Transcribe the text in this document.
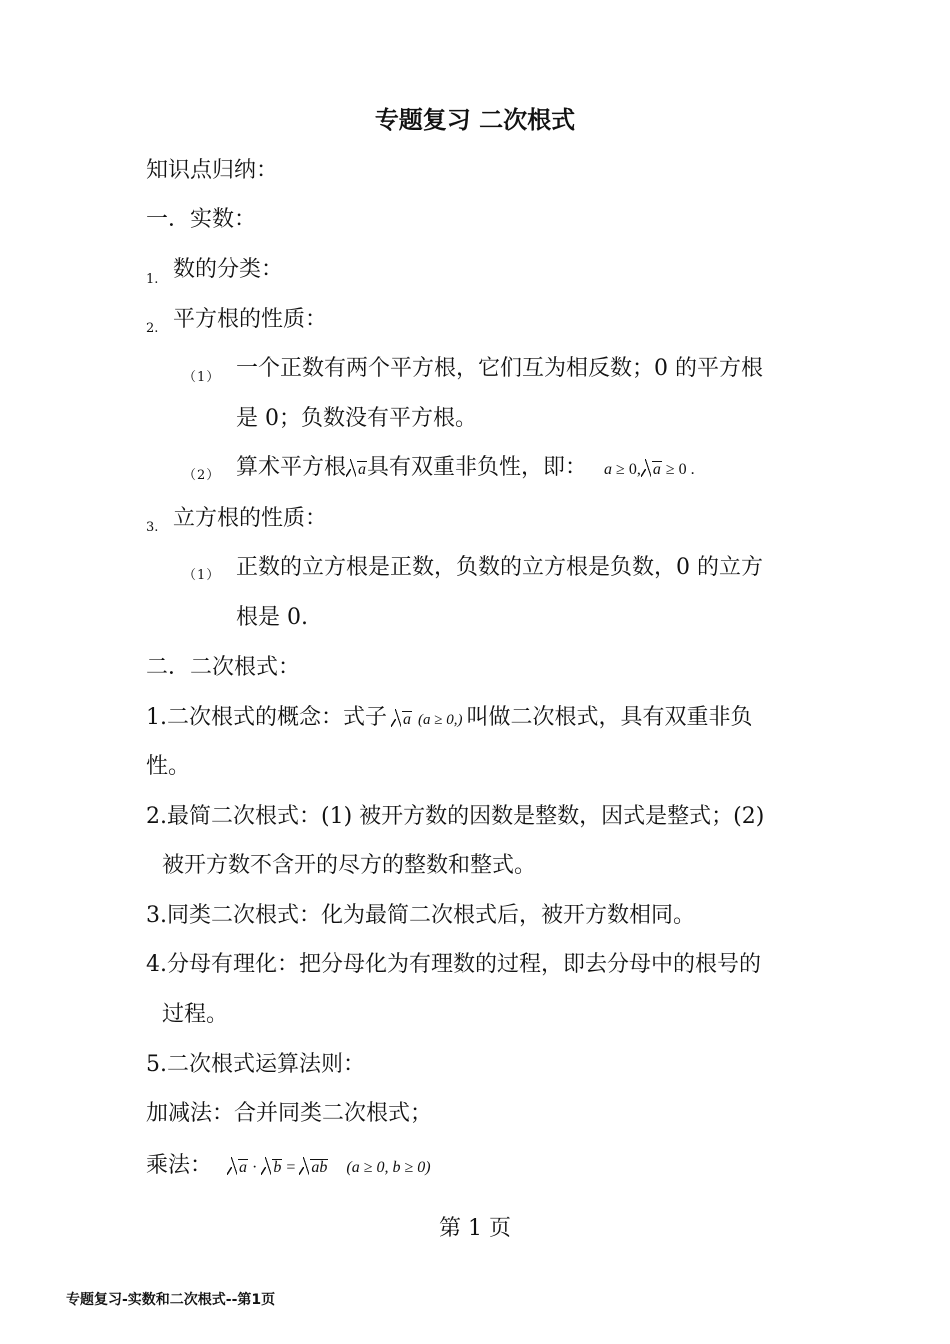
专题复习 二次根式
知识点归纳：
一．实数：
1. 数的分类：
2. 平方根的性质：
（1） 一个正数有两个平方根，它们互为相反数；0 的平方根
是 0；负数没有平方根。
（2） 算术平方根 a具有双重非负性，即： a ≥ 0, a ≥ 0 .
3. 立方根的性质：
（1） 正数的立方根是正数，负数的立方根是负数，0 的立方
根是 0.
二．二次根式：
1.二次根式的概念：式子 a (a ≥ 0,) 叫做二次根式，具有双重非负
性。
2.最简二次根式：(1) 被开方数的因数是整数，因式是整式；(2)
被开方数不含开的尽方的整数和整式。
3.同类二次根式：化为最简二次根式后，被开方数相同。
4.分母有理化：把分母化为有理数的过程，即去分母中的根号的
过程。
5.二次根式运算法则：
加减法：合并同类二次根式；
乘法： a · b = ab (a ≥ 0, b ≥ 0)
第 1 页
专题复习-实数和二次根式--第1页
